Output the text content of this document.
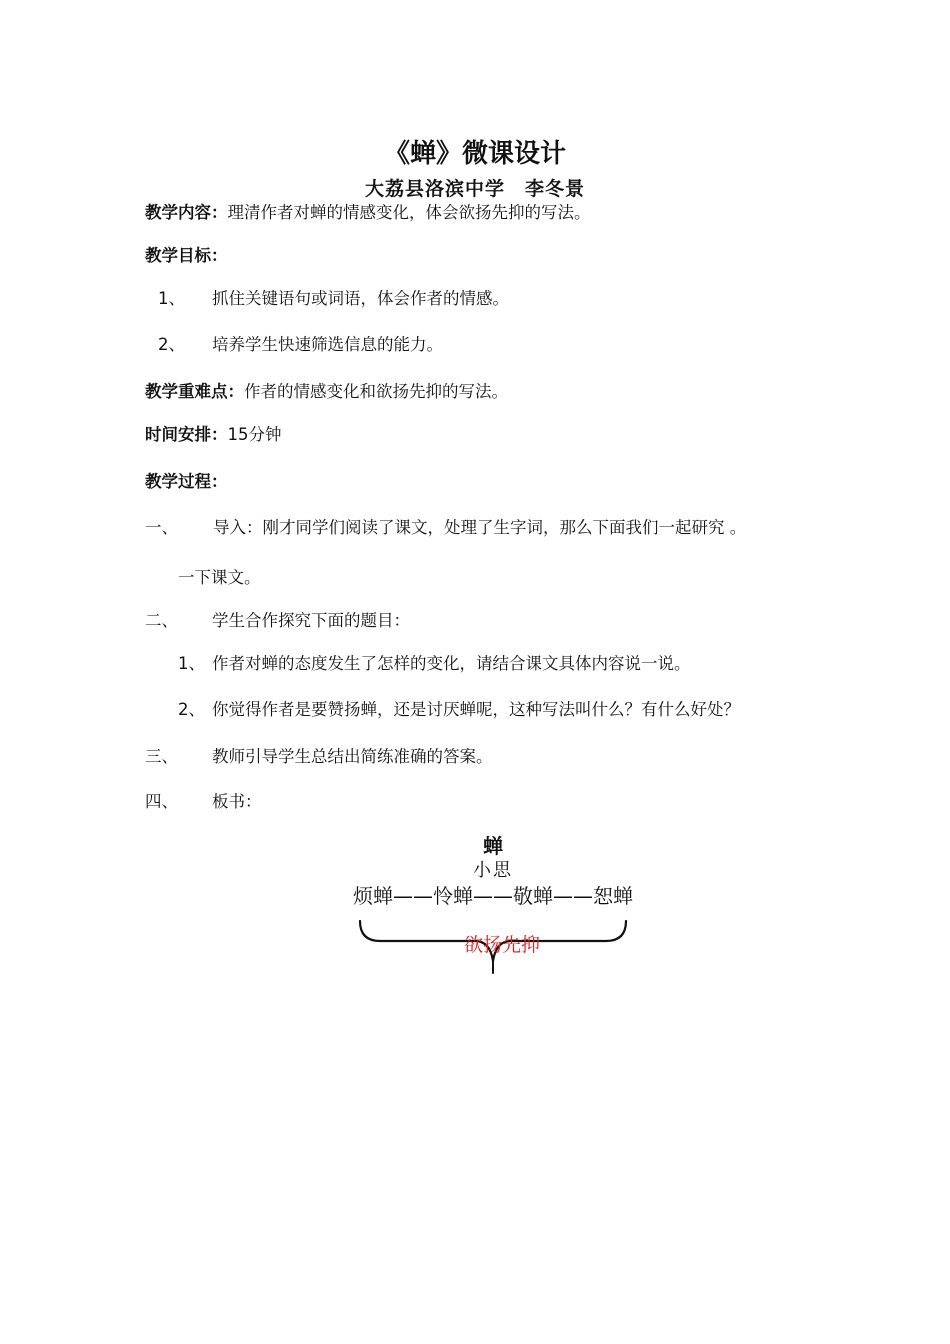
《蝉》微课设计
大荔县洛滨中学　李冬景
教学内容：理清作者对蝉的情感变化，体会欲扬先抑的写法。
教学目标：
1、 抓住关键语句或词语，体会作者的情感。
2、 培养学生快速筛选信息的能力。
教学重难点：作者的情感变化和欲扬先抑的写法。
时间安排：15分钟
教学过程：
一、 导入：刚才同学们阅读了课文，处理了生字词，那么下面我们一起研究 。
一下课文。
二、 学生合作探究下面的题目：
1、 作者对蝉的态度发生了怎样的变化，请结合课文具体内容说一说。
2、 你觉得作者是要赞扬蝉，还是讨厌蝉呢，这种写法叫什么？有什么好处？
三、 教师引导学生总结出简练准确的答案。
四、 板书：
蝉
小思
烦蝉——怜蝉——敬蝉——恕蝉
欲扬先抑
